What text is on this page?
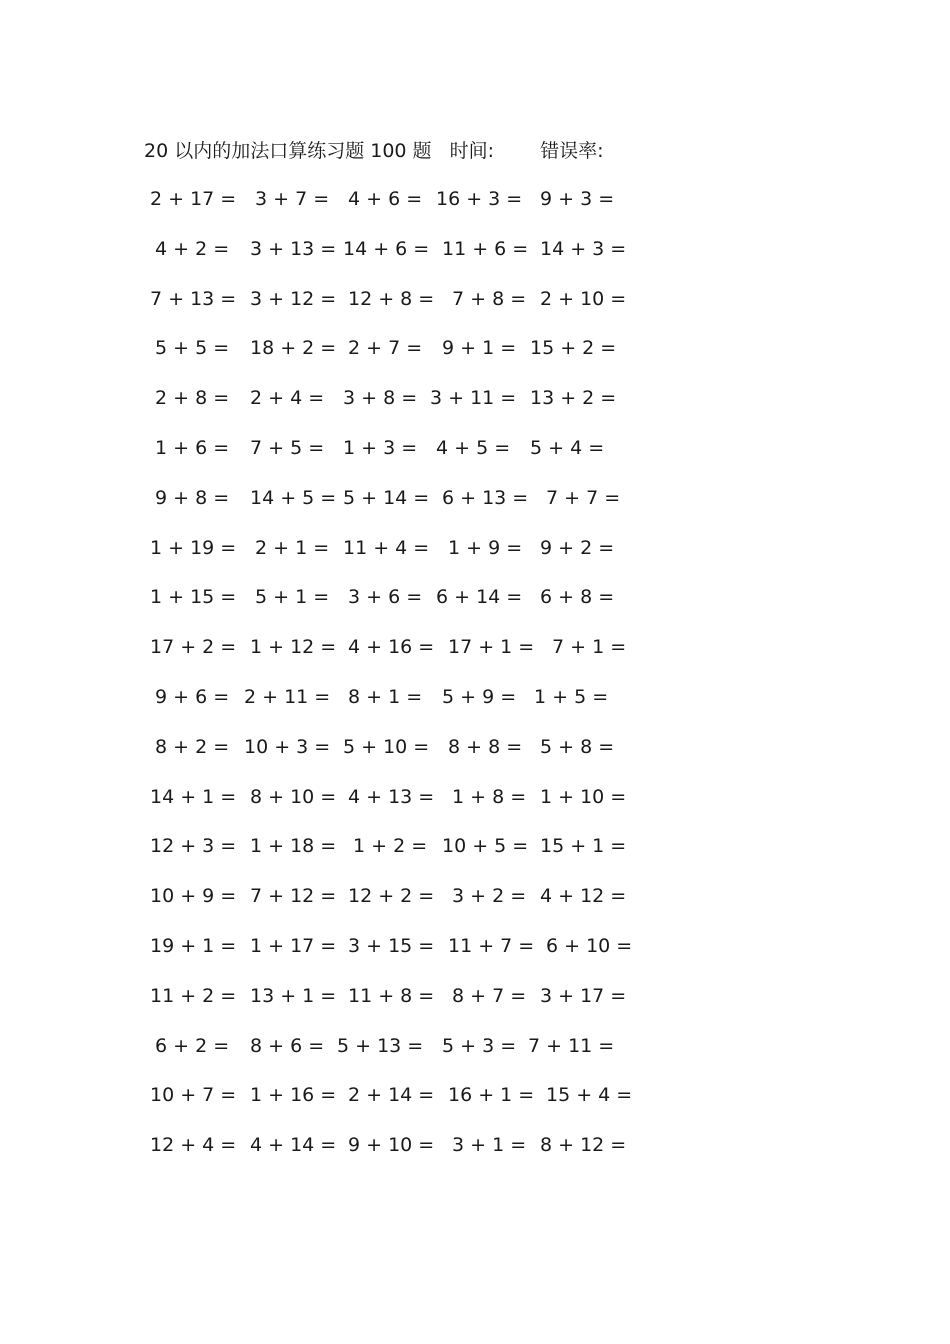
20 以内的加法口算练习题 100 题 时间: 错误率:
2 + 17 = 3 + 7 = 4 + 6 = 16 + 3 = 9 + 3 =
4 + 2 = 3 + 13 = 14 + 6 = 11 + 6 = 14 + 3 =
7 + 13 = 3 + 12 = 12 + 8 = 7 + 8 = 2 + 10 =
5 + 5 = 18 + 2 = 2 + 7 = 9 + 1 = 15 + 2 =
2 + 8 = 2 + 4 = 3 + 8 = 3 + 11 = 13 + 2 =
1 + 6 = 7 + 5 = 1 + 3 = 4 + 5 = 5 + 4 =
9 + 8 = 14 + 5 = 5 + 14 = 6 + 13 = 7 + 7 =
1 + 19 = 2 + 1 = 11 + 4 = 1 + 9 = 9 + 2 =
1 + 15 = 5 + 1 = 3 + 6 = 6 + 14 = 6 + 8 =
17 + 2 = 1 + 12 = 4 + 16 = 17 + 1 = 7 + 1 =
9 + 6 = 2 + 11 = 8 + 1 = 5 + 9 = 1 + 5 =
8 + 2 = 10 + 3 = 5 + 10 = 8 + 8 = 5 + 8 =
14 + 1 = 8 + 10 = 4 + 13 = 1 + 8 = 1 + 10 =
12 + 3 = 1 + 18 = 1 + 2 = 10 + 5 = 15 + 1 =
10 + 9 = 7 + 12 = 12 + 2 = 3 + 2 = 4 + 12 =
19 + 1 = 1 + 17 = 3 + 15 = 11 + 7 = 6 + 10 =
11 + 2 = 13 + 1 = 11 + 8 = 8 + 7 = 3 + 17 =
6 + 2 = 8 + 6 = 5 + 13 = 5 + 3 = 7 + 11 =
10 + 7 = 1 + 16 = 2 + 14 = 16 + 1 = 15 + 4 =
12 + 4 = 4 + 14 = 9 + 10 = 3 + 1 = 8 + 12 =
